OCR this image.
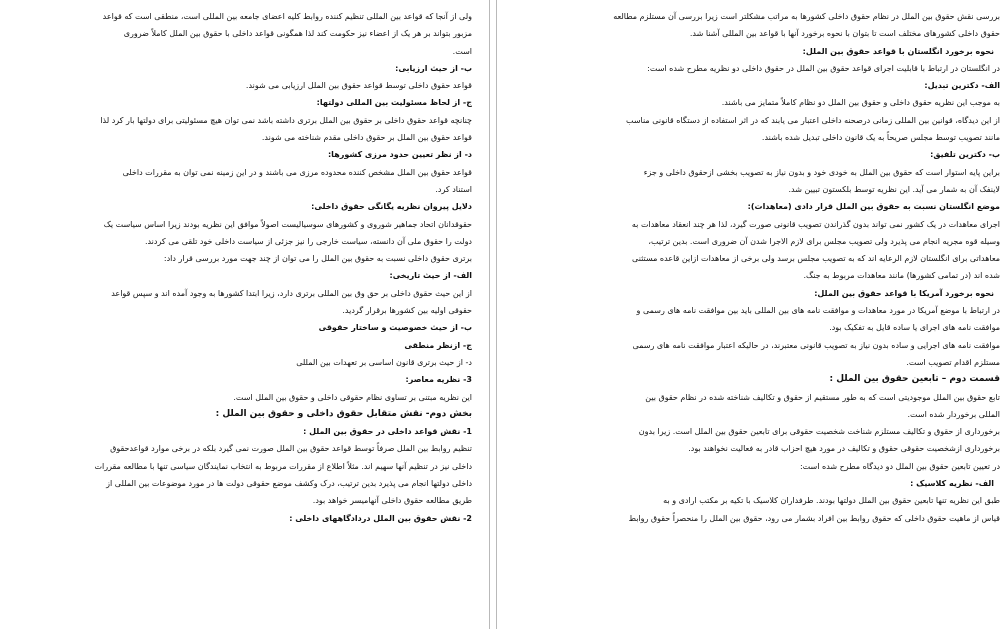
ولی از آنجا که قواعد بین المللی تنظیم کننده روابط کلیه اعضای جامعه بین المللی است، منطقی است که قواعد
مزبور بتواند بر هر یک از اعضاء نیز حکومت کند لذا همگونی قواعد داخلی با حقوق بین الملل کاملاً ضروری
است.
ب- از حیث ارزیابی:
قواعد حقوق داخلی توسط قواعد حقوق بین الملل ارزیابی می شوند.
ج- از لحاظ مسئولیت بین المللی دولتها:
چنانچه قواعد حقوق داخلی بر حقوق بین الملل برتری داشته باشد نمی توان هیچ مسئولیتی برای دولتها بار کرد لذا
قواعد حقوق بین الملل بر حقوق داخلی مقدم شناخته می شوند.
د- از نظر تعیین حدود مرزی کشورها:
قواعد حقوق بین الملل مشخص کننده محدوده مرزی می باشند و در این زمینه نمی توان به مقررات داخلی
استناد کرد.
دلایل پیروان نظریه یگانگی حقوق داخلی:
حقوقدانان اتحاد جماهیر شوروی و کشورهای سوسیالیست اصولاً موافق این نظریه بودند زیرا اساس سیاست یک
دولت را حقوق ملی آن دانسته، سیاست خارجی را نیز جزئی از سیاست داخلی خود تلقی می کردند.
برتری حقوق داخلی نسبت به حقوق بین الملل را می توان از چند جهت مورد بررسی قرار داد:
الف- از حیث تاریخی:
از این حیث حقوق داخلی بر حق وق بین المللی برتری دارد، زیرا ابتدا کشورها به وجود آمده اند و سپس قواعد
حقوقی اولیه بین کشورها برقرار گردید.
ب- از حیث خصوصیت و ساختار حقوقی
ج- ازنظر منطقی
د- از حیث برتری قانون اساسی بر تعهدات بین المللی
3- نظریه معاصر:
این نظریه مبتنی بر تساوی نظام حقوقی داخلی و حقوق بین الملل است.
بخش دوم- نقش متقابل حقوق داخلی و حقوق بین الملل :
1- نقش قواعد داخلی در حقوق بین الملل :
تنظیم روابط بین الملل صرفاً توسط قواعد حقوق بین الملل صورت نمی گیرد بلکه در برخی موارد قواعدحقوق
داخلی نیز در تنظیم آنها سهیم اند. مثلاً اطلاع از مقررات مربوط به انتخاب نمایندگان سیاسی تنها با مطالعه مقررات
داخلی دولتها انجام می پذیرد بدین ترتیب، درک وکشف موضع حقوقی دولت ها در مورد موضوعات بین المللی از
طریق مطالعه حقوق داخلی آنهامیسر خواهد بود.
2- نقش حقوق بین الملل دردادگاههای داخلی :
بررسی نقش حقوق بین الملل در نظام حقوق داخلی کشورها به مراتب مشکلتر است زیرا بررسی آن مستلزم مطالعه
حقوق داخلی کشورهای مختلف است تا بتوان با نحوه برخورد آنها با قواعد بین المللی آشنا شد.
نحوه برخورد انگلستان با قواعد حقوق بین الملل:
در انگلستان در ارتباط با قابلیت اجرای قواعد حقوق بین الملل در حقوق داخلی دو نظریه مطرح شده است:
الف- دکترین تبدیل:
به موجب این نظریه حقوق داخلی و حقوق بین الملل دو نظام کاملاً متمایز می باشند.
از این دیدگاه، قوانین بین المللی زمانی درصحنه داخلی اعتبار می یابند که در اثر استفاده از دستگاه قانونی مناسب
مانند تصویب توسط مجلس صریحاً به یک قانون داخلی تبدیل شده باشند.
ب- دکترین تلفیق:
براین پایه استوار است که حقوق بین الملل به خودی خود و بدون نیاز به تصویب بخشی ازحقوق داخلی و جزء
لاینفک آن به شمار می آید. این نظریه توسط بلکستون تبیین شد.
موضع انگلستان نسبت به حقوق بین الملل قرار دادی (معاهدات):
اجرای معاهدات در یک کشور نمی تواند بدون گذراندن تصویب قانونی صورت گیرد، لذا هر چند انعقاد معاهدات به
وسیله قوه مجریه انجام می پذیرد ولی تصویب مجلس برای لازم الاجرا شدن آن ضروری است. بدین ترتیب،
معاهداتی برای انگلستان لازم الرعایه اند که به تصویب مجلس برسد ولی برخی از معاهدات ازاین قاعده مستثنی
شده اند (در تمامی کشورها) مانند معاهدات مربوط به جنگ.
نحوه برخورد آمریکا با قواعد حقوق بین الملل:
در ارتباط با موضع آمریکا در مورد معاهدات و موافقت نامه های بین المللی باید بین موافقت نامه های رسمی و
موافقت نامه های اجرای یا ساده قایل به تفکیک بود.
موافقت نامه های اجرایی و ساده بدون نیاز به تصویب قانونی معتبرند، در حالیکه اعتبار موافقت نامه های رسمی
مستلزم اقدام تصویب است.
قسمت دوم – تابعین حقوق بین الملل :
تابع حقوق بین الملل موجودیتی است که به طور مستقیم از حقوق و تکالیف شناخته شده در نظام حقوق بین
المللی برخوردار شده است.
برخورداری از حقوق و تکالیف مستلزم شناخت شخصیت حقوقی برای تابعین حقوق بین الملل است. زیرا بدون
برخورداری ازشخصیت حقوقی حقوق و تکالیف در مورد هیچ احزاب قادر به فعالیت نخواهند بود.
در تعیین تابعین حقوق بین الملل دو دیدگاه مطرح شده است:
الف- نظریه کلاسیک :
طبق این نظریه تنها تابعین حقوق بین الملل دولتها بودند. طرفداران کلاسیک با تکیه بر مکتب ارادی و به
قیاس از ماهیت حقوق داخلی که حقوق روابط بین افراد بشمار می رود، حقوق بین الملل را منحصراً حقوق روابط
